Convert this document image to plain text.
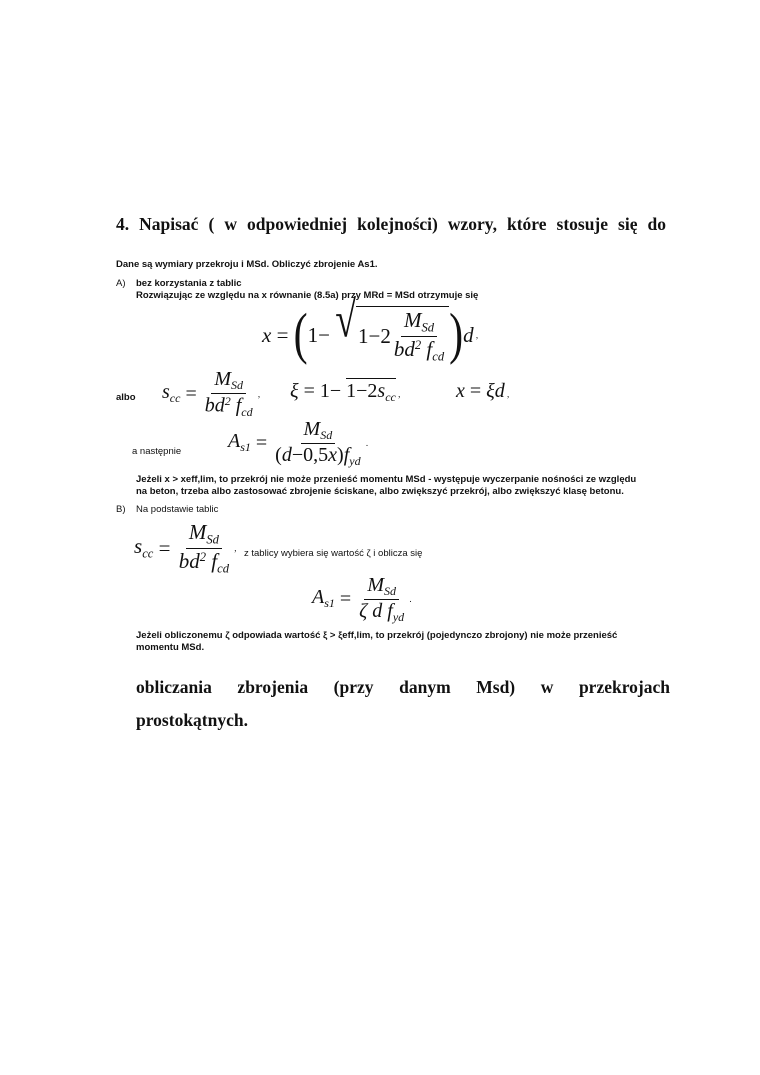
4. Napisać ( w odpowiedniej kolejności) wzory, które stosuje się do
Dane są wymiary przekroju i MSd. Obliczyć zbrojenie As1.
A) bez korzystania z tablic
Rozwiązując ze względu na x równanie (8.5a) przy MRd = MSd otrzymuje się
x = ( 1− √ $1-2 \frac{M_{Sd}}{bd^2 f_{cd}}$ ) d ,
albo $s_{cc} = \frac{M_{Sd}}{bd^2 f_{cd}}$ , $\xi = 1- 1-2s_{cc}$ ,	x = ξd ,
a następnie $A_{s1} = \frac{M_{Sd}}{(d-0,5x)f_{yd}}$ .
Jeżeli x > xeff,lim, to przekrój nie może przenieść momentu MSd - występuje wyczerpanie nośności ze względu
na beton, trzeba albo zastosować zbrojenie ściskane, albo zwiększyć przekrój, albo zwiększyć klasę betonu.
B) Na podstawie tablic
$s_{cc} = \frac{M_{Sd}}{bd^2 f_{cd}}$ , z tablicy wybiera się wartość ζ i oblicza się
$A_{s1} = \frac{M_{Sd}}{\zeta d f_{yd}}$ .
Jeżeli obliczonemu ζ odpowiada wartość ξ > ξeff,lim, to przekrój (pojedynczo zbrojony) nie może przenieść
momentu MSd.
obliczania zbrojenia (przy danym Msd) w przekrojach
prostokątnych.
